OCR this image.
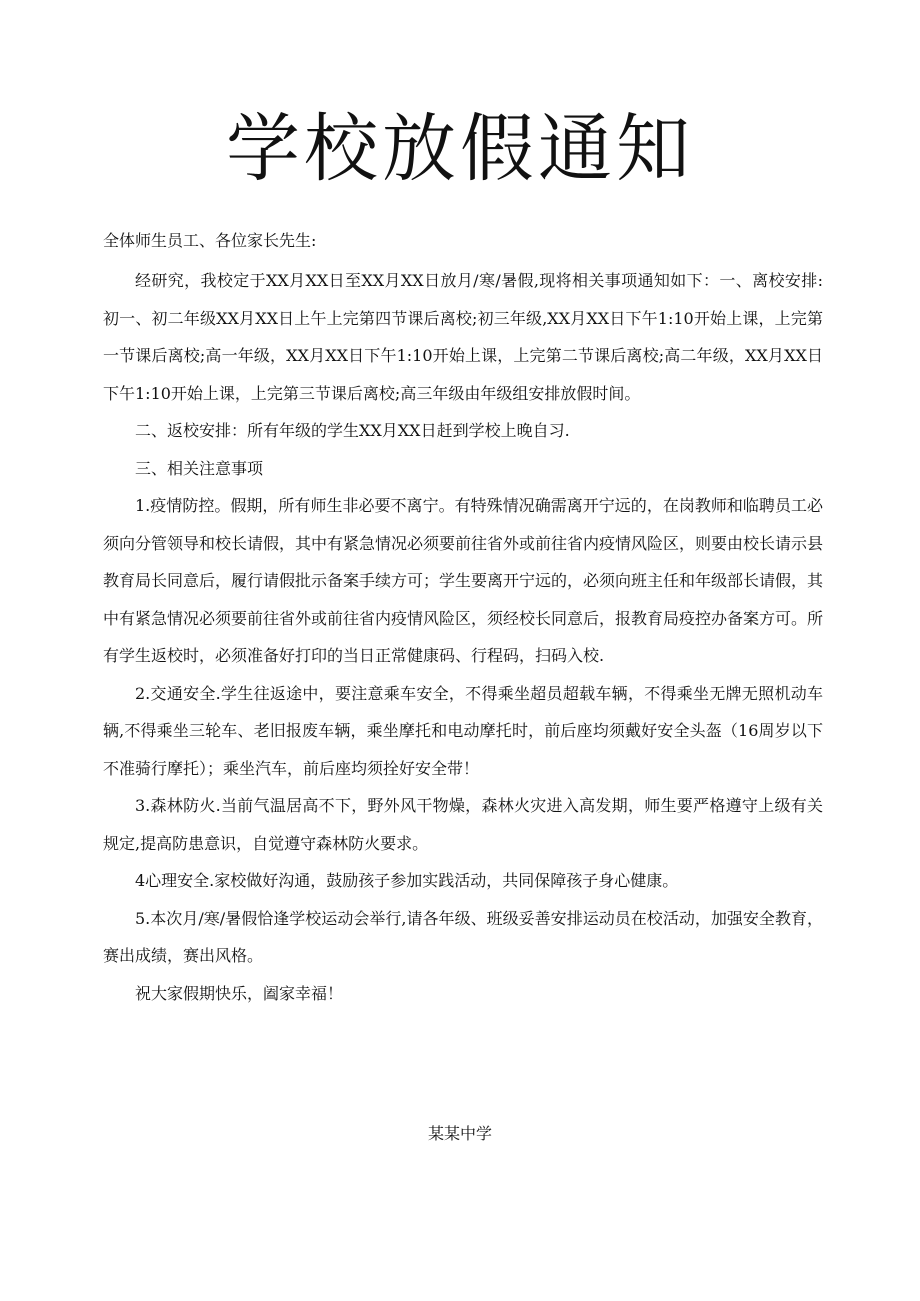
学校放假通知
全体师生员工、各位家长先生:

经研究，我校定于XX月XX日至XX月XX日放月/寒/暑假,现将相关事项通知如下：一、离校安排:初一、初二年级XX月XX日上午上完第四节课后离校;初三年级,XX月XX日下午1:10开始上课，上完第一节课后离校;高一年级，XX月XX日下午1:10开始上课，上完第二节课后离校;高二年级，XX月XX日下午1:10开始上课，上完第三节课后离校;高三年级由年级组安排放假时间。

二、返校安排：所有年级的学生XX月XX日赶到学校上晚自习.

三、相关注意事项

1.疫情防控。假期，所有师生非必要不离宁。有特殊情况确需离开宁远的，在岗教师和临聘员工必须向分管领导和校长请假，其中有紧急情况必须要前往省外或前往省内疫情风险区，则要由校长请示县教育局长同意后，履行请假批示备案手续方可；学生要离开宁远的，必须向班主任和年级部长请假，其中有紧急情况必须要前往省外或前往省内疫情风险区，须经校长同意后，报教育局疫控办备案方可。所有学生返校时，必须准备好打印的当日正常健康码、行程码，扫码入校.

2.交通安全.学生往返途中，要注意乘车安全，不得乘坐超员超载车辆，不得乘坐无牌无照机动车辆,不得乘坐三轮车、老旧报废车辆，乘坐摩托和电动摩托时，前后座均须戴好安全头盔（16周岁以下不准骑行摩托）；乘坐汽车，前后座均须拴好安全带！

3.森林防火.当前气温居高不下，野外风干物燥，森林火灾进入高发期，师生要严格遵守上级有关规定,提高防患意识，自觉遵守森林防火要求。

4心理安全.家校做好沟通，鼓励孩子参加实践活动，共同保障孩子身心健康。

5.本次月/寒/暑假恰逢学校运动会举行,请各年级、班级妥善安排运动员在校活动，加强安全教育，赛出成绩，赛出风格。

祝大家假期快乐，阖家幸福！

某某中学
